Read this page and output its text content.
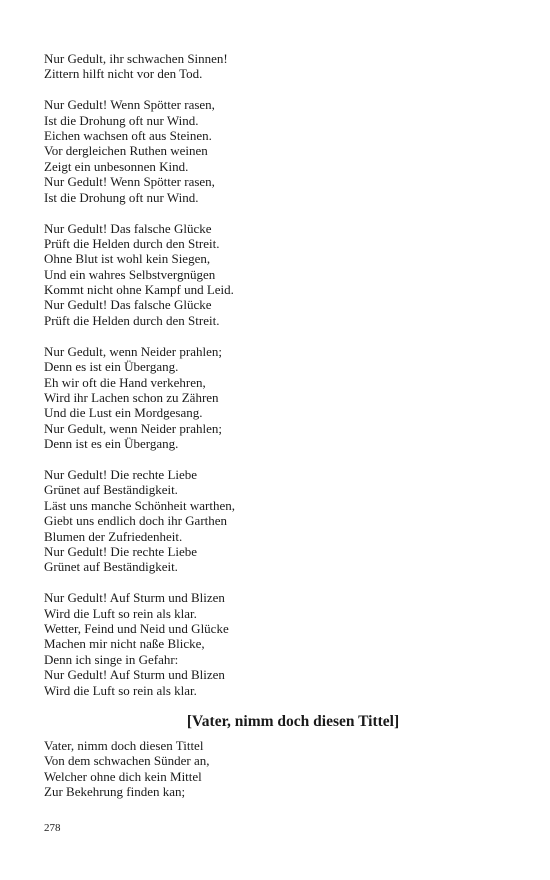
Nur Gedult, ihr schwachen Sinnen!
Zittern hilft nicht vor den Tod.
Nur Gedult! Wenn Spötter rasen,
Ist die Drohung oft nur Wind.
Eichen wachsen oft aus Steinen.
Vor dergleichen Ruthen weinen
Zeigt ein unbesonnen Kind.
Nur Gedult! Wenn Spötter rasen,
Ist die Drohung oft nur Wind.
Nur Gedult! Das falsche Glücke
Prüft die Helden durch den Streit.
Ohne Blut ist wohl kein Siegen,
Und ein wahres Selbstvergnügen
Kommt nicht ohne Kampf und Leid.
Nur Gedult! Das falsche Glücke
Prüft die Helden durch den Streit.
Nur Gedult, wenn Neider prahlen;
Denn es ist ein Übergang.
Eh wir oft die Hand verkehren,
Wird ihr Lachen schon zu Zähren
Und die Lust ein Mordgesang.
Nur Gedult, wenn Neider prahlen;
Denn ist es ein Übergang.
Nur Gedult! Die rechte Liebe
Grünet auf Beständigkeit.
Läst uns manche Schönheit warthen,
Giebt uns endlich doch ihr Garthen
Blumen der Zufriedenheit.
Nur Gedult! Die rechte Liebe
Grünet auf Beständigkeit.
Nur Gedult! Auf Sturm und Blizen
Wird die Luft so rein als klar.
Wetter, Feind und Neid und Glücke
Machen mir nicht naße Blicke,
Denn ich singe in Gefahr:
Nur Gedult! Auf Sturm und Blizen
Wird die Luft so rein als klar.
[Vater, nimm doch diesen Tittel]
Vater, nimm doch diesen Tittel
Von dem schwachen Sünder an,
Welcher ohne dich kein Mittel
Zur Bekehrung finden kan;
278
